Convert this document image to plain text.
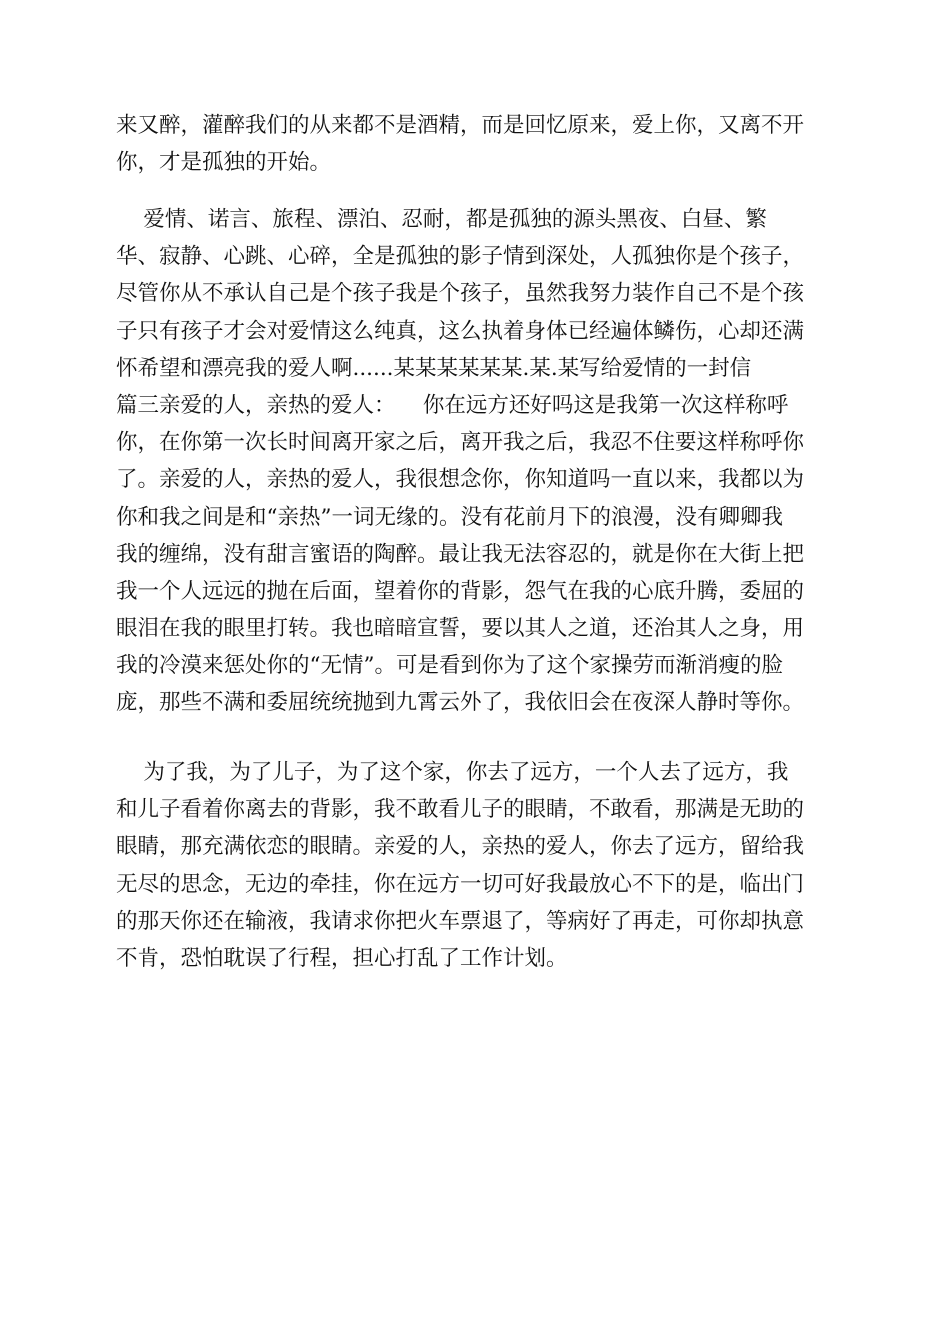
来又醉，灌醉我们的从来都不是酒精，而是回忆原来，爱上你，又离不开
你，才是孤独的开始。
爱情、诺言、旅程、漂泊、忍耐，都是孤独的源头黑夜、白昼、繁
华、寂静、心跳、心碎，全是孤独的影子情到深处，人孤独你是个孩子，
尽管你从不承认自己是个孩子我是个孩子，虽然我努力装作自己不是个孩
子只有孩子才会对爱情这么纯真，这么执着身体已经遍体鳞伤，心却还满
怀希望和漂亮我的爱人啊......某某某某某某.某.某写给爱情的一封信
篇三亲爱的人，亲热的爱人：    你在远方还好吗这是我第一次这样称呼
你，在你第一次长时间离开家之后，离开我之后，我忍不住要这样称呼你
了。亲爱的人，亲热的爱人，我很想念你，你知道吗一直以来，我都以为
你和我之间是和“亲热”一词无缘的。没有花前月下的浪漫，没有卿卿我
我的缠绵，没有甜言蜜语的陶醉。最让我无法容忍的，就是你在大街上把
我一个人远远的抛在后面，望着你的背影，怨气在我的心底升腾，委屈的
眼泪在我的眼里打转。我也暗暗宣誓，要以其人之道，还治其人之身，用
我的冷漠来惩处你的“无情”。可是看到你为了这个家操劳而渐消瘦的脸
庞，那些不满和委屈统统抛到九霄云外了，我依旧会在夜深人静时等你。
为了我，为了儿子，为了这个家，你去了远方，一个人去了远方，我
和儿子看着你离去的背影，我不敢看儿子的眼睛，不敢看，那满是无助的
眼睛，那充满依恋的眼睛。亲爱的人，亲热的爱人，你去了远方，留给我
无尽的思念，无边的牵挂，你在远方一切可好我最放心不下的是，临出门
的那天你还在输液，我请求你把火车票退了，等病好了再走，可你却执意
不肯，恐怕耽误了行程，担心打乱了工作计划。
